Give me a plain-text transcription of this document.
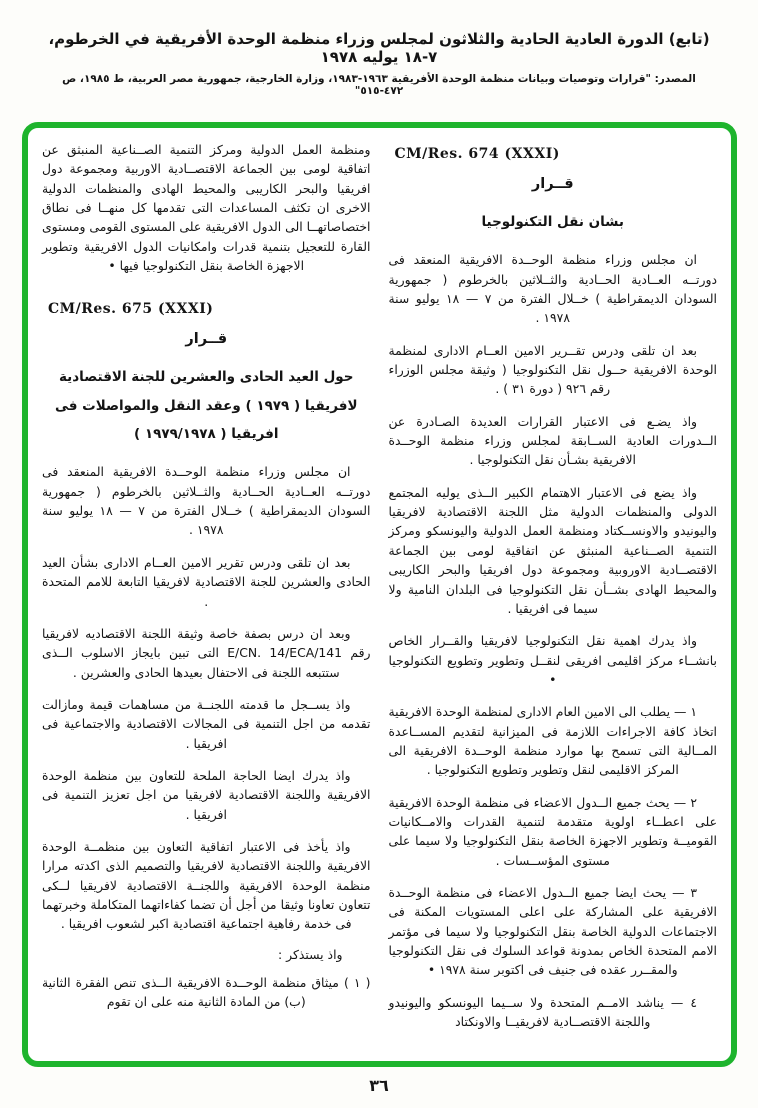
(تابع) الدورة العادية الحادية والثلاثون لمجلس وزراء منظمة الوحدة الأفريقية في الخرطوم، ٧-١٨ يوليه ١٩٧٨
المصدر: "قرارات وتوصيات وبيانات منظمة الوحدة الأفريقية ١٩٦٣-١٩٨٣، وزارة الخارجية، جمهورية مصر العربية، ط ١٩٨٥، ص ٤٧٢-٥١٥"
CM/Res. 674 (XXXI)
قــرار
بشان نقل التكنولوجيا

ان مجلس وزراء منظمة الوحــدة الافريقية المنعقد فى دورتــه العــادية الحــادية والثــلاثين بالخرطوم ( جمهورية السودان الديمقراطية ) خــلال الفترة من ٧ — ١٨ يوليو سنة ١٩٧٨ .

بعد ان تلقى ودرس تقــرير الامين العــام الادارى لمنظمة الوحدة الافريقية حــول نقل التكنولوجيا ( وثيقة مجلس الوزراء رقم ٩٢٦ ( دورة ٣١ ) .

واذ يضـع فى الاعتبار القرارات العديدة الصـادرة عن الــدورات العادية الســابقة لمجلس وزراء منظمة الوحــدة الافريقية بشـأن نقل التكنولوجيا .

واذ يضع فى الاعتبار الاهتمام الكبير الــذى يوليه المجتمع الدولى والمنظمات الدولية مثل اللجنة الاقتصادية لافريقيا واليونيدو والاونســكتاد ومنظمة العمل الدولية واليونسكو ومركز التنمية الصــناعية المنبثق عن اتفاقية لومى بين الجماعة الاقتصــادية الاوروبية ومجموعة دول افريقيا والبحر الكاريبى والمحيط الهادى بشــأن نقل التكنولوجيا فى البلدان النامية ولا سيما فى افريقيا .

واذ يدرك اهمية نقل التكنولوجيا لافريقيا والقــرار الخاص بانشــاء مركز اقليمى افريقى لنقــل وتطوير وتطويع التكنولوجيا •

١ — يطلب الى الامين العام الادارى لمنظمة الوحدة الافريقية اتخاذ كافة الاجراءات اللازمة فى الميزانية لتقديم المســاعدة المــالية التى تسمح بها موارد منظمة الوحــدة الافريقية الى المركز الاقليمى لنقل وتطوير وتطويع التكنولوجيا .

٢ — يحث جميع الــدول الاعضاء فى منظمة الوحدة الافريقية على اعطــاء اولوية متقدمة لتنمية القدرات والامــكانيات القوميــة وتطوير الاجهزة الخاصة بنقل التكنولوجيا ولا سيما على مستوى المؤســسات .

٣ — يحث ايضا جميع الــدول الاعضاء فى منظمة الوحــدة الافريقية على المشاركة على اعلى المستويات المكنة فى الاجتماعات الدولية الخاصة بنقل التكنولوجيا ولا سيما فى مؤتمر الامم المتحدة الخاص بمدونة قواعد السلوك فى نقل التكنولوجيا والمقــرر عقده فى جنيف فى اكتوبر سنة ١٩٧٨ •

٤ — يناشد الامــم المتحدة ولا ســيما اليونسكو واليونيدو واللجنة الاقتصــادية لافريقيــا والاونكتاد

ومنظمة العمل الدولية ومركز التنمية الصــناعية المنبثق عن اتفاقية لومى بين الجماعة الاقتصــادية الاوربية ومجموعة دول افريقيا والبحر الكاريبى والمحيط الهادى والمنظمات الدولية الاخرى ان تكثف المساعدات التى تقدمها كل منهــا فى نطاق اختصاصاتهــا الى الدول الافريقية على المستوى القومى ومستوى القارة للتعجيل بتنمية قدرات وامكانيات الدول الافريقية وتطوير الاجهزة الخاصة بنقل التكنولوجيا فيها •

CM/Res. 675 (XXXI)
قــرار
حول العيد الحادى والعشرين للجنة الاقتصادية لافريقيا ( ١٩٧٩ ) وعقد النقل والمواصلات فى افريقيا ( ١٩٧٩/١٩٧٨ )

ان مجلس وزراء منظمة الوحــدة الافريقية المنعقد فى دورتــه العــادية الحــادية والثــلاثين بالخرطوم ( جمهورية السودان الديمقراطية ) خــلال الفترة من ٧ — ١٨ يوليو سنة ١٩٧٨ .

بعد ان تلقى ودرس تقرير الامين العــام الادارى بشأن العيد الحادى والعشرين للجنة الاقتصادية لافريقيا التابعة للامم المتحدة .

وبعد ان درس بصفة خاصة وثيقة اللجنة الاقتصاديه لافريقيا رقم E/CN. 14/ECA/141 التى تبين بايجاز الاسلوب الــذى ستتبعه اللجنة فى الاحتفال بعيدها الحادى والعشرين .

واذ يســجل ما قدمته اللجنــة من مساهمات قيمة ومازالت تقدمه من اجل التنمية فى المجالات الاقتصادية والاجتماعية فى افريقيا .

واذ يدرك ايضا الحاجة الملحة للتعاون بين منظمة الوحدة الافريقية واللجنة الاقتصادية لافريقيا من اجل تعزيز التنمية فى افريقيا .

واذ يأخذ فى الاعتبار اتفاقية التعاون بين منظمــة الوحدة الافريقية واللجنة الاقتصادية لافريقيا والتصميم الذى اكدته مرارا منظمة الوحدة الافريقية واللجنــة الاقتصادية لافريقيا لــكى تتعاون تعاونا وثيقا من أجل أن تضما كفاءاتهما المتكاملة وخبرتهما فى خدمة رفاهية اجتماعية اقتصادية اكبر لشعوب افريقيا .

واذ يستذكر :

( ١ ) ميثاق منظمة الوحــدة الافريقية الــذى تنص الفقرة الثانية (ب) من المادة الثانية منه على ان تقوم

٣٦
